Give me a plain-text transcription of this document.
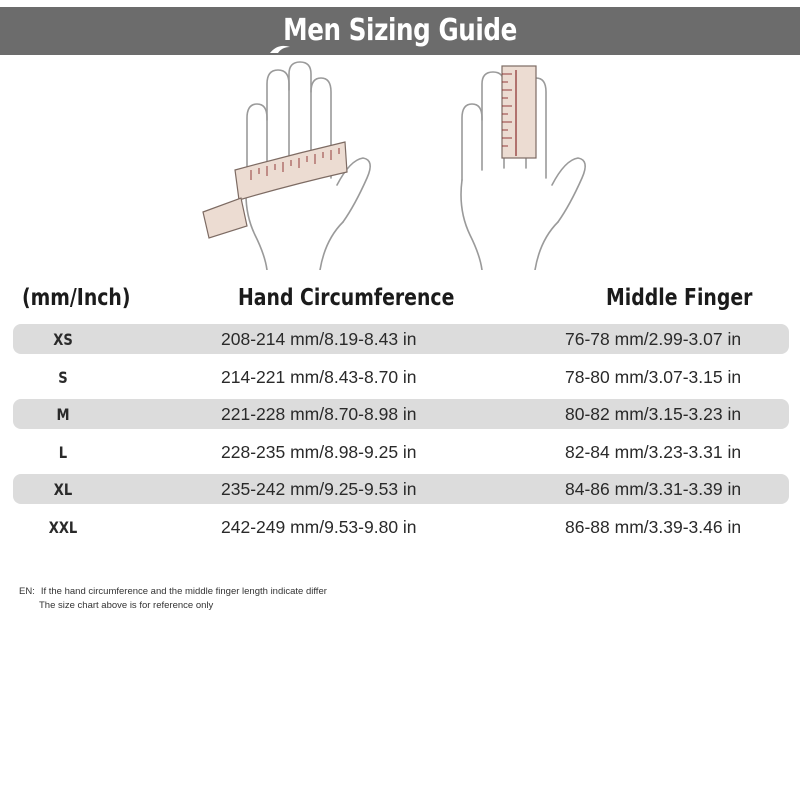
Men Sizing Guide
(mm/Inch)	Hand Circumference	Middle Finger
XS	208-214 mm/8.19-8.43 in	76-78 mm/2.99-3.07 in
S	214-221 mm/8.43-8.70 in	78-80 mm/3.07-3.15 in
M	221-228 mm/8.70-8.98 in	80-82 mm/3.15-3.23 in
L	228-235 mm/8.98-9.25 in	82-84 mm/3.23-3.31 in
XL	235-242 mm/9.25-9.53 in	84-86 mm/3.31-3.39 in
XXL	242-249 mm/9.53-9.80 in	86-88 mm/3.39-3.46 in
EN: If the hand circumference and the middle finger length indicate differ
The size chart above is for reference only
